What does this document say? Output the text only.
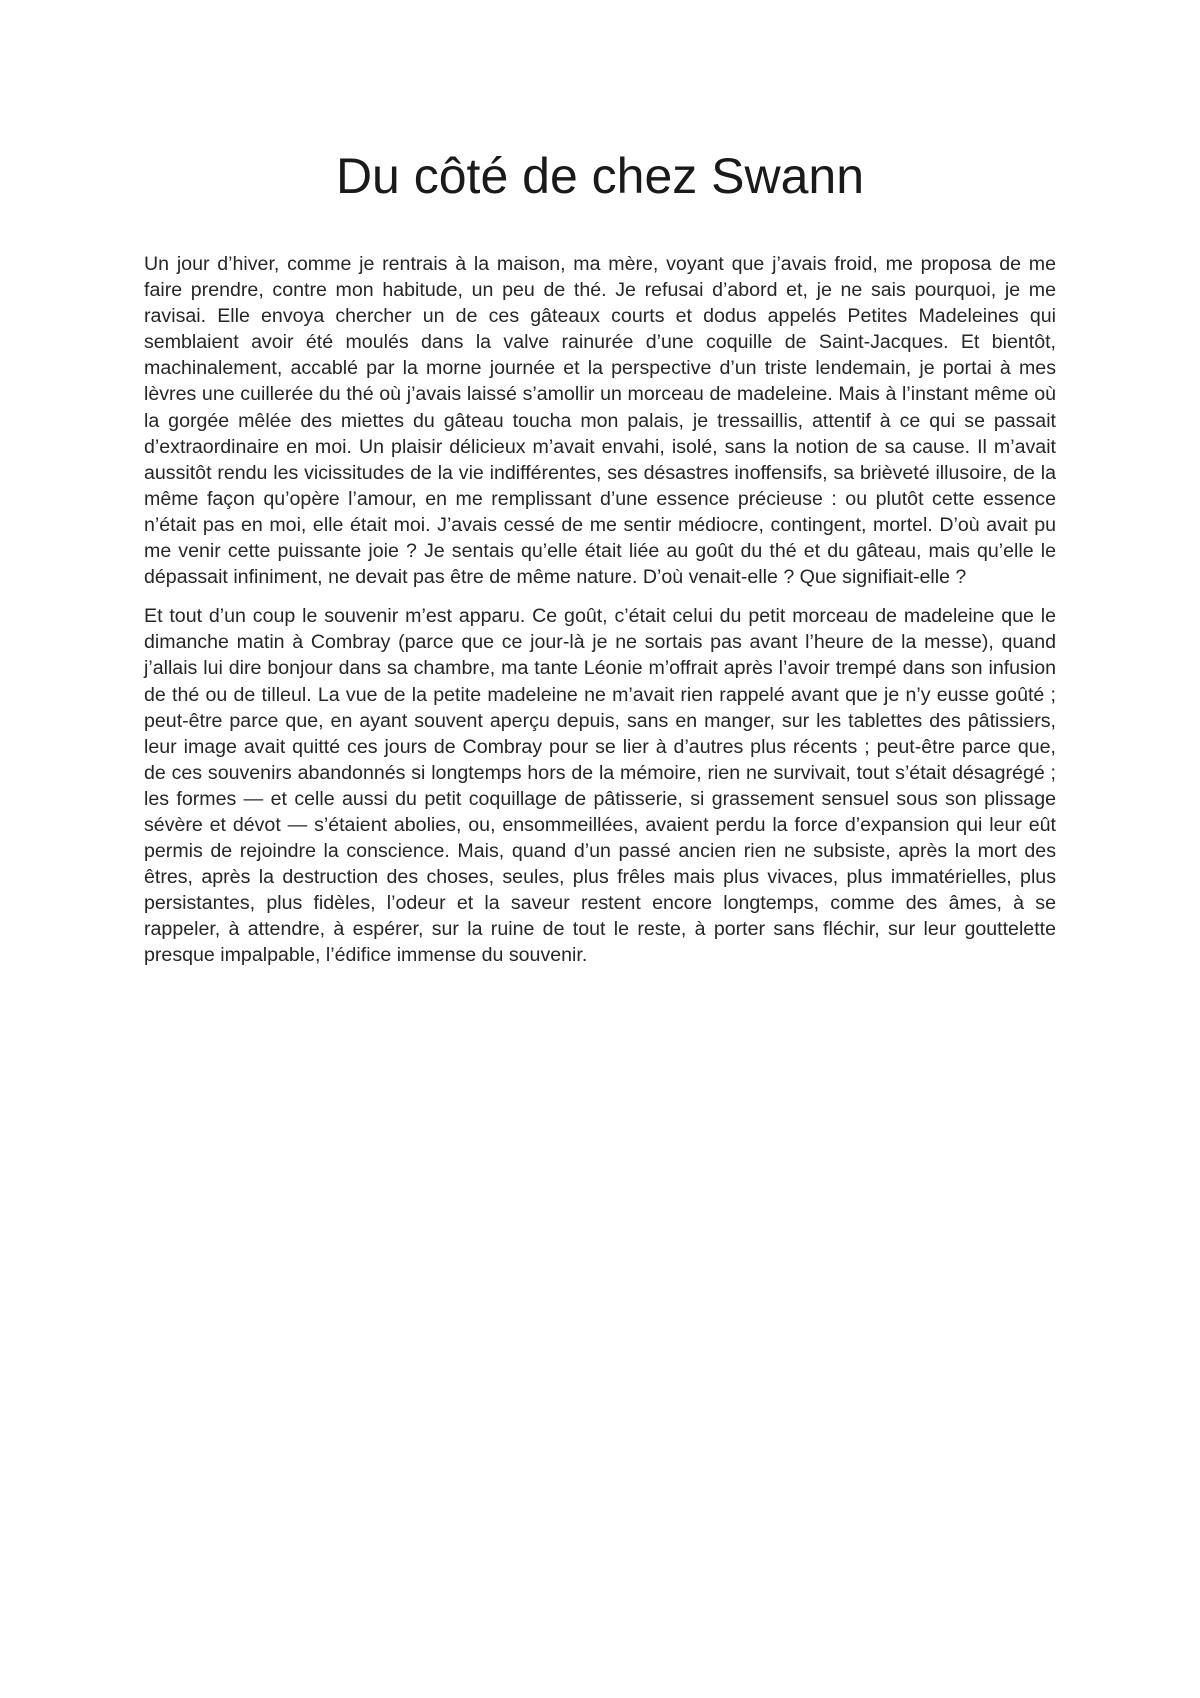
Du côté de chez Swann

Un jour d’hiver, comme je rentrais à la maison, ma mère, voyant que j’avais froid, me proposa de me faire prendre, contre mon habitude, un peu de thé. Je refusai d’abord et, je ne sais pourquoi, je me ravisai. Elle envoya chercher un de ces gâteaux courts et dodus appelés Petites Madeleines qui semblaient avoir été moulés dans la valve rainurée d’une coquille de Saint-Jacques. Et bientôt, machinalement, accablé par la morne journée et la perspective d’un triste lendemain, je portai à mes lèvres une cuillerée du thé où j’avais laissé s’amollir un morceau de madeleine. Mais à l’instant même où la gorgée mêlée des miettes du gâteau toucha mon palais, je tressaillis, attentif à ce qui se passait d’extraordinaire en moi. Un plaisir délicieux m’avait envahi, isolé, sans la notion de sa cause. Il m’avait aussitôt rendu les vicissitudes de la vie indifférentes, ses désastres inoffensifs, sa brièveté illusoire, de la même façon qu’opère l’amour, en me remplissant d’une essence précieuse : ou plutôt cette essence n’était pas en moi, elle était moi. J’avais cessé de me sentir médiocre, contingent, mortel. D’où avait pu me venir cette puissante joie ? Je sentais qu’elle était liée au goût du thé et du gâteau, mais qu’elle le dépassait infiniment, ne devait pas être de même nature. D’où venait-elle ? Que signifiait-elle ?

Et tout d’un coup le souvenir m’est apparu. Ce goût, c’était celui du petit morceau de madeleine que le dimanche matin à Combray (parce que ce jour-là je ne sortais pas avant l’heure de la messe), quand j’allais lui dire bonjour dans sa chambre, ma tante Léonie m’offrait après l’avoir trempé dans son infusion de thé ou de tilleul. La vue de la petite madeleine ne m’avait rien rappelé avant que je n’y eusse goûté ; peut-être parce que, en ayant souvent aperçu depuis, sans en manger, sur les tablettes des pâtissiers, leur image avait quitté ces jours de Combray pour se lier à d’autres plus récents ; peut-être parce que, de ces souvenirs abandonnés si longtemps hors de la mémoire, rien ne survivait, tout s’était désagrégé ; les formes — et celle aussi du petit coquillage de pâtisserie, si grassement sensuel sous son plissage sévère et dévot — s’étaient abolies, ou, ensommeillées, avaient perdu la force d’expansion qui leur eût permis de rejoindre la conscience. Mais, quand d’un passé ancien rien ne subsiste, après la mort des êtres, après la destruction des choses, seules, plus frêles mais plus vivaces, plus immatérielles, plus persistantes, plus fidèles, l’odeur et la saveur restent encore longtemps, comme des âmes, à se rappeler, à attendre, à espérer, sur la ruine de tout le reste, à porter sans fléchir, sur leur gouttelette presque impalpable, l’édifice immense du souvenir.
